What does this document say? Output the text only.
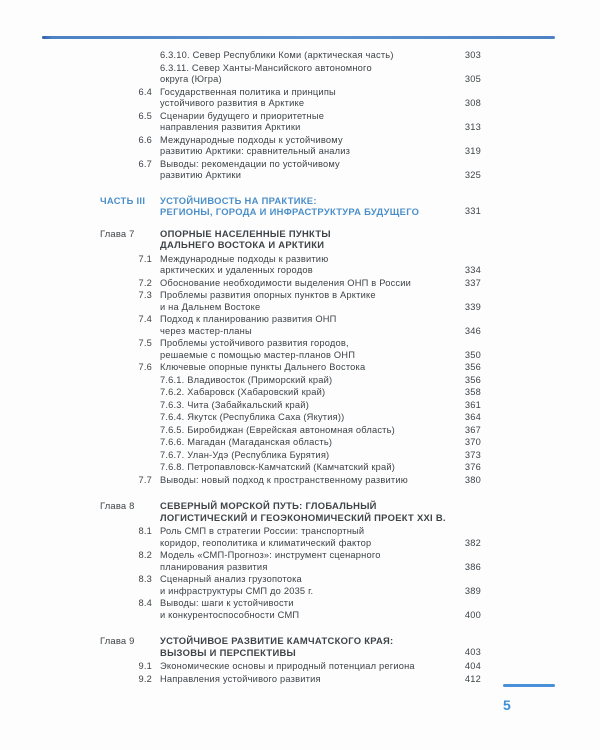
6.3.10. Север Республики Коми (арктическая часть)	303
6.3.11. Север Ханты-Мансийского автономного
округа (Югра)	305
6.4 Государственная политика и принципы
устойчивого развития в Арктике	308
6.5 Сценарии будущего и приоритетные
направления развития Арктики	313
6.6 Международные подходы к устойчивому
развитию Арктики: сравнительный анализ	319
6.7 Выводы: рекомендации по устойчивому
развитию Арктики	325
ЧАСТЬ III	УСТОЙЧИВОСТЬ НА ПРАКТИКЕ:
РЕГИОНЫ, ГОРОДА И ИНФРАСТРУКТУРА БУДУЩЕГО	331
Глава 7	ОПОРНЫЕ НАСЕЛЕННЫЕ ПУНКТЫ
ДАЛЬНЕГО ВОСТОКА И АРКТИКИ
7.1 Международные подходы к развитию
арктических и удаленных городов	334
7.2 Обоснование необходимости выделения ОНП в России	337
7.3 Проблемы развития опорных пунктов в Арктике
и на Дальнем Востоке	339
7.4 Подход к планированию развития ОНП
через мастер-планы	346
7.5 Проблемы устойчивого развития городов,
решаемые с помощью мастер-планов ОНП	350
7.6 Ключевые опорные пункты Дальнего Востока	356
7.6.1. Владивосток (Приморский край)	356
7.6.2. Хабаровск (Хабаровский край)	358
7.6.3. Чита (Забайкальский край)	361
7.6.4. Якутск (Республика Саха (Якутия))	364
7.6.5. Биробиджан (Еврейская автономная область)	367
7.6.6. Магадан (Магаданская область)	370
7.6.7. Улан-Удэ (Республика Бурятия)	373
7.6.8. Петропавловск-Камчатский (Камчатский край)	376
7.7 Выводы: новый подход к пространственному развитию	380
Глава 8	СЕВЕРНЫЙ МОРСКОЙ ПУТЬ: ГЛОБАЛЬНЫЙ
ЛОГИСТИЧЕСКИЙ И ГЕОЭКОНОМИЧЕСКИЙ ПРОЕКТ XXI В.
8.1 Роль СМП в стратегии России: транспортный
коридор, геополитика и климатический фактор	382
8.2 Модель «СМП-Прогноз»: инструмент сценарного
планирования развития	386
8.3 Сценарный анализ грузопотока
и инфраструктуры СМП до 2035 г.	389
8.4 Выводы: шаги к устойчивости
и конкурентоспособности СМП	400
Глава 9	УСТОЙЧИВОЕ РАЗВИТИЕ КАМЧАТСКОГО КРАЯ:
ВЫЗОВЫ И ПЕРСПЕКТИВЫ	403
9.1 Экономические основы и природный потенциал региона	404
9.2 Направления устойчивого развития	412
5
